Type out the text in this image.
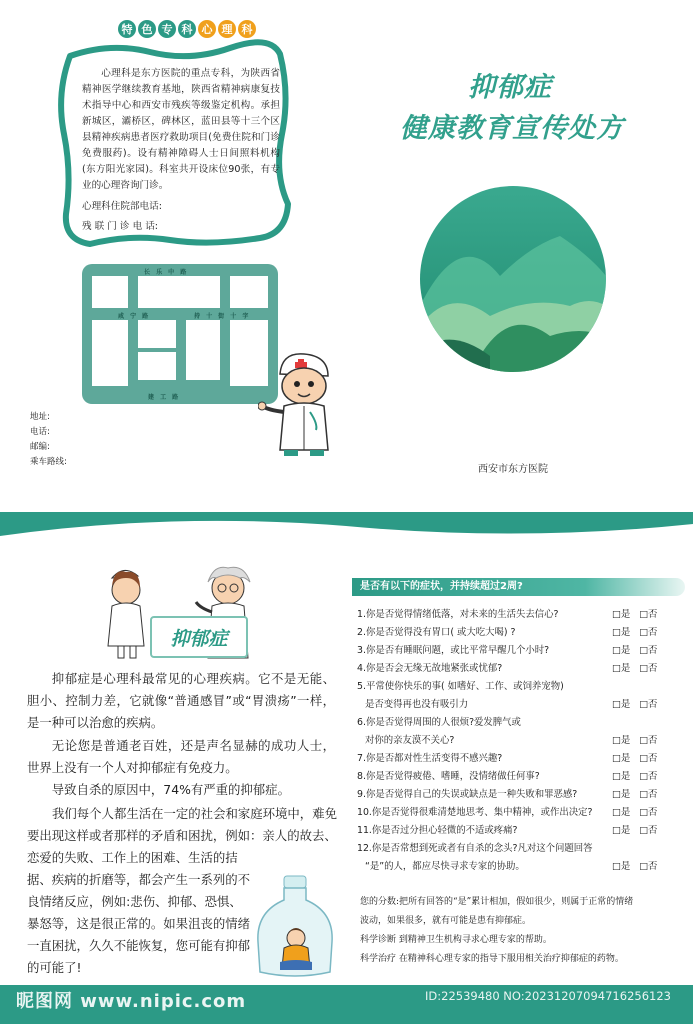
特 色 专 科 心 理 科
心理科是东方医院的重点专科，为陕西省精神医学继续教育基地，陕西省精神病康复技术指导中心和西安市残疾等级鉴定机构。承担新城区，灞桥区，碑林区，蓝田县等十三个区县精神疾病患者医疗救助项目(免费住院和门诊免费服药)。设有精神障碍人士日间照料机构(东方阳光家园)。科室共开设床位90张，有专业的心理咨询门诊。
心理科住院部电话:
残 联 门 诊 电 话:
长 乐 中 路
咸 宁 路	持 十 街 十 字
建 工 路
地址:
电话:
邮编:
乘车路线:
抑郁症
健康教育宣传处方
西安市东方医院
抑郁症
抑郁症是心理科最常见的心理疾病。它不是无能、胆小、控制力差，它就像“普通感冒”或“胃溃疡”一样，是一种可以治愈的疾病。
无论您是普通老百姓，还是声名显赫的成功人士，世界上没有一个人对抑郁症有免疫力。
导致自杀的原因中，74%有严重的抑郁症。
我们每个人都生活在一定的社会和家庭环境中，难免
要出现这样或者那样的矛盾和困扰，例如：亲人的故去、
恋爱的失败、工作上的困难、生活的拮
据、疾病的折磨等，都会产生一系列的不
良情绪反应，例如:悲伤、抑郁、恐惧、
暴怒等，这是很正常的。如果沮丧的情绪
一直困扰，久久不能恢复，您可能有抑郁
的可能了!
是否有以下的症状，并持续超过2周?
1.你是否觉得情绪低落，对未来的生活失去信心?
2.你是否觉得没有胃口( 或大吃大喝) ?
3.你是否有睡眠问题，或比平常早醒几个小时?
4.你是否会无缘无故地紧张或忧郁?
5.平常使你快乐的事( 如嗜好、工作、或饲养宠物)
是否变得再也没有吸引力
6.你是否觉得周围的人很烦?爱发脾气或
对你的亲友漠不关心?
7.你是否都对性生活变得不感兴趣?
8.你是否觉得疲倦、嗜睡，没情绪做任何事?
9.你是否觉得自己的失误或缺点是一种失败和罪恶感?
10.你是否觉得很难清楚地思考、集中精神，或作出决定?
11.你是否过分担心轻微的不适或疼痛?
12.你是否常想到死或者有自杀的念头?凡对这个问题回答
“是”的人，都应尽快寻求专家的协助。
□是 □否
□是 □否
□是 □否
□是 □否
□是 □否
□是 □否
□是 □否
□是 □否
□是 □否
□是 □否
□是 □否
□是 □否
您的分数:把所有回答的“是”累计相加，假如很少，则属于正常的情绪
波动，如果很多，就有可能是患有抑郁症。
科学诊断 到精神卫生机构寻求心理专家的帮助。
科学治疗 在精神科心理专家的指导下服用相关治疗抑郁症的药物。
昵图网 www.nipic.com	ID:22539480 NO:20231207094716256123
